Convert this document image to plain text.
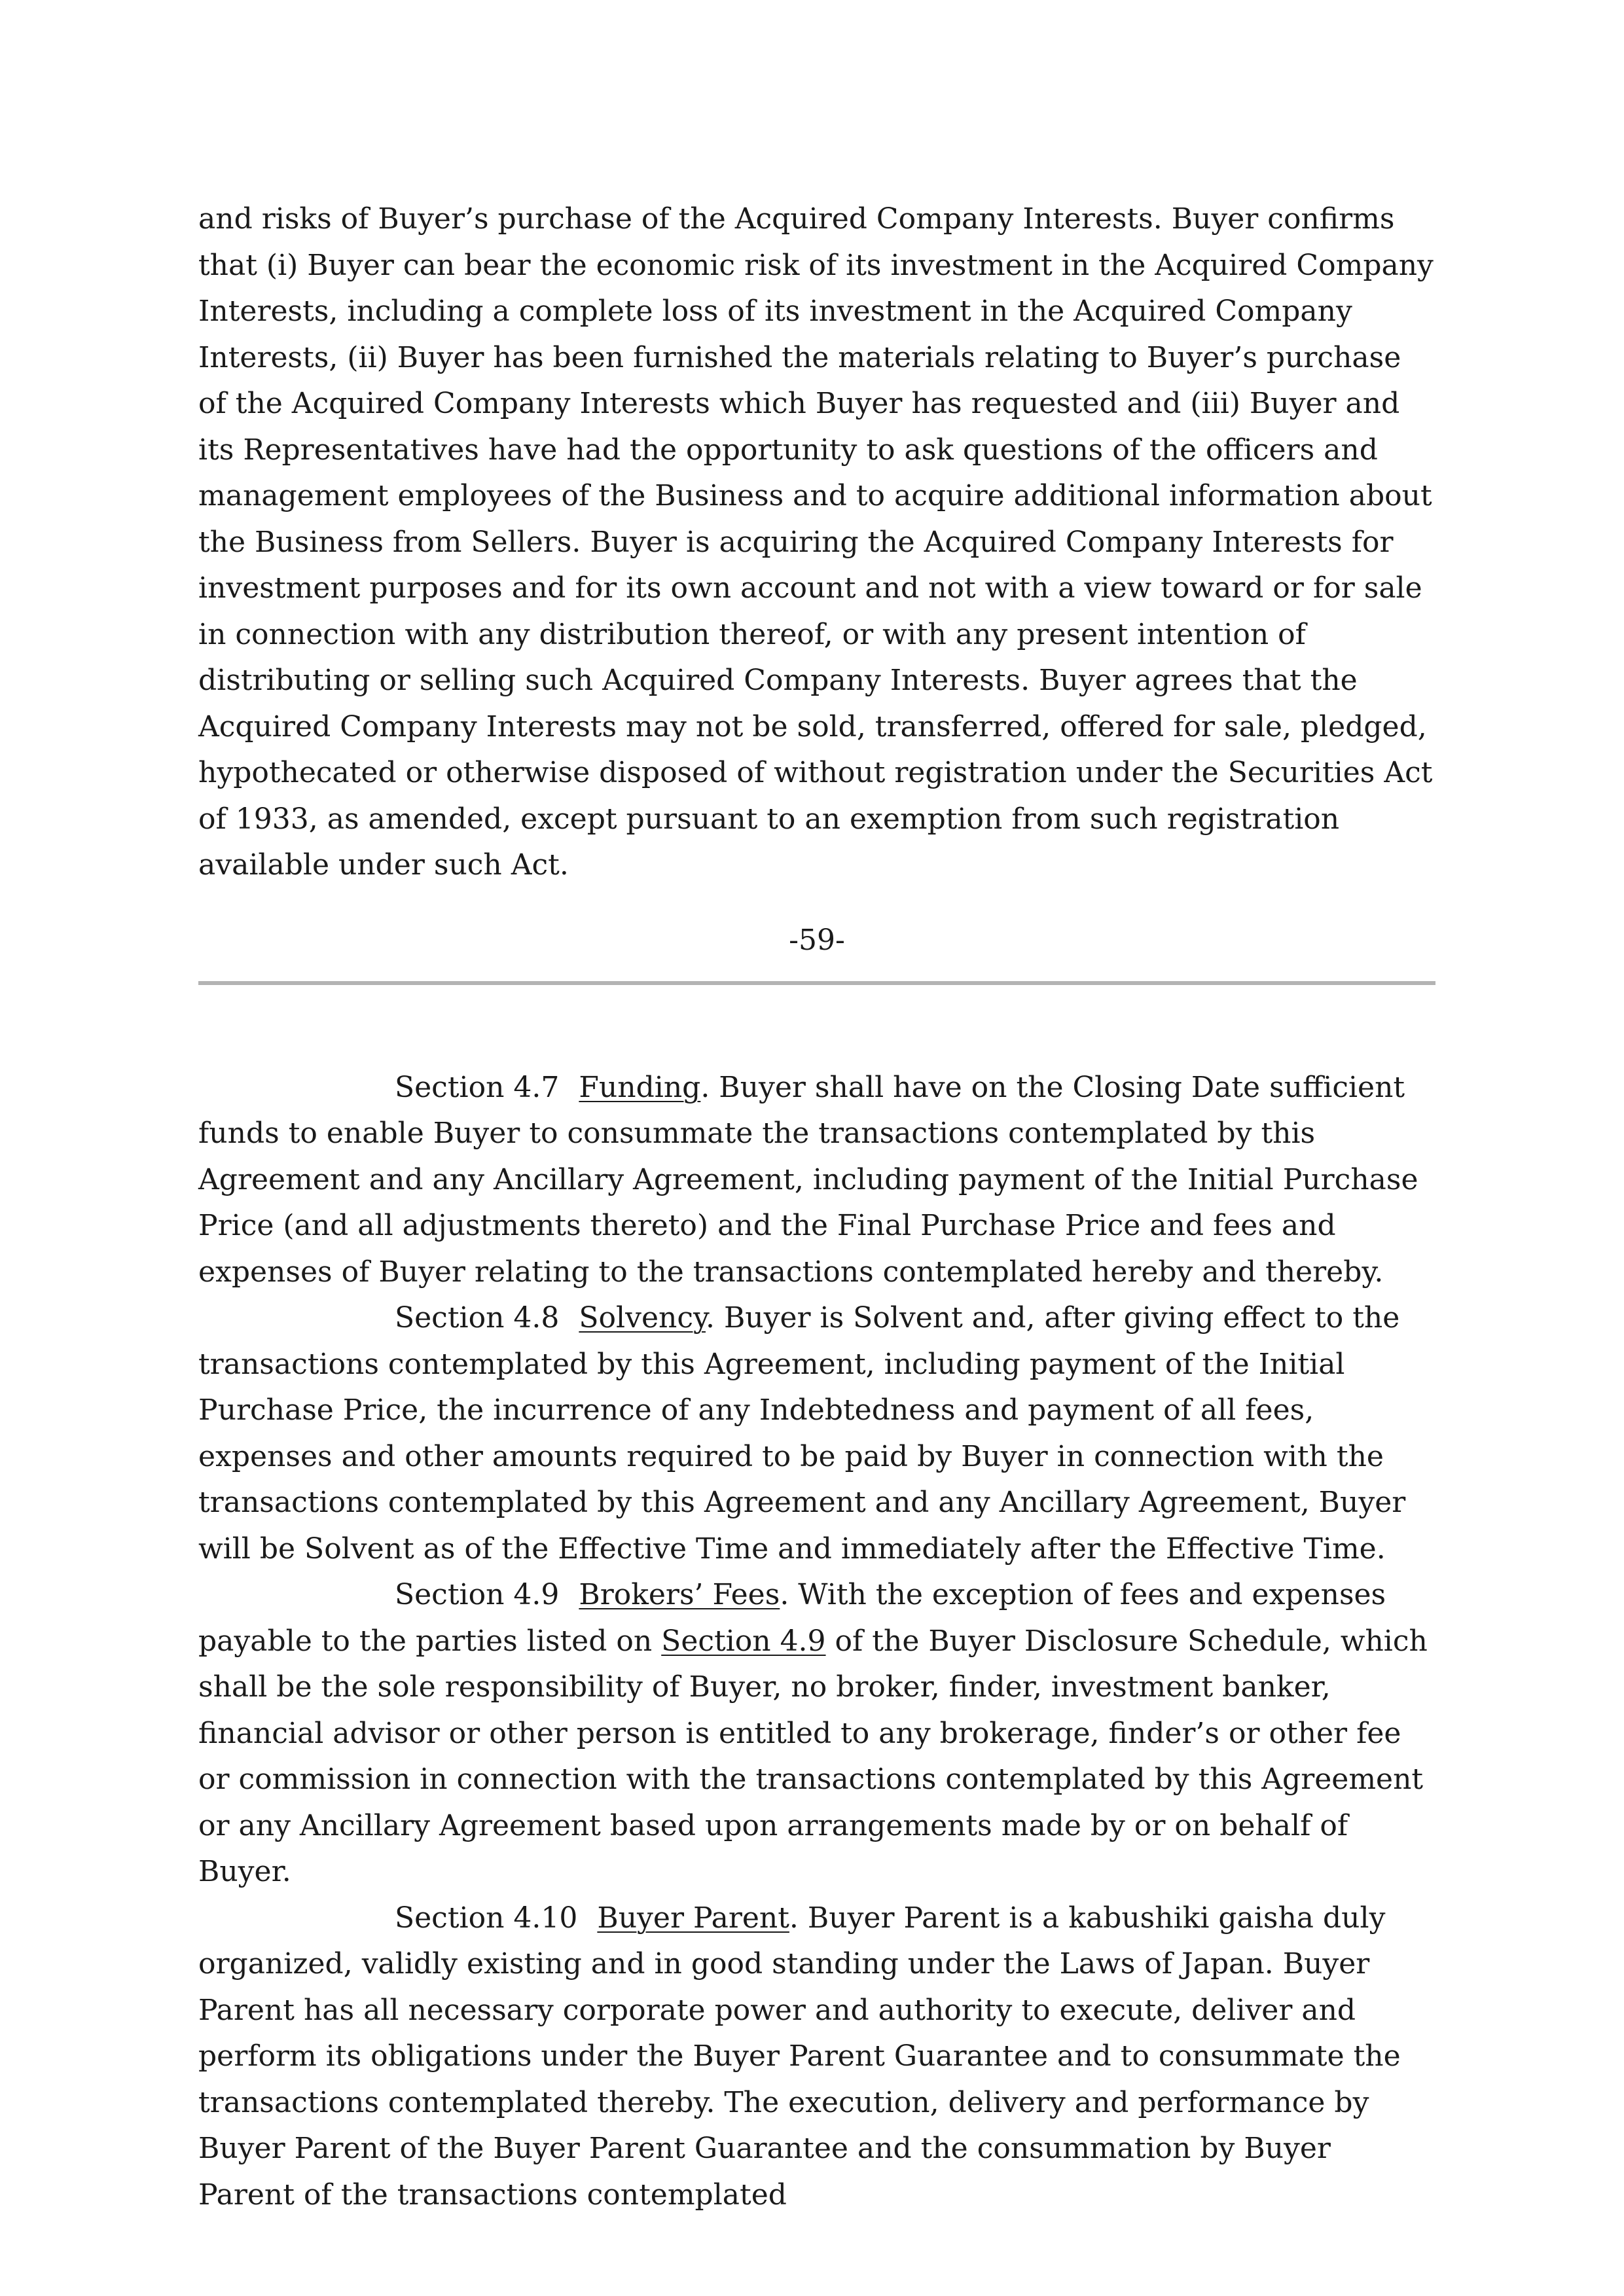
and risks of Buyer’s purchase of the Acquired Company Interests. Buyer confirms that (i) Buyer can bear the economic risk of its investment in the Acquired Company Interests, including a complete loss of its investment in the Acquired Company Interests, (ii) Buyer has been furnished the materials relating to Buyer’s purchase of the Acquired Company Interests which Buyer has requested and (iii) Buyer and its Representatives have had the opportunity to ask questions of the officers and management employees of the Business and to acquire additional information about the Business from Sellers. Buyer is acquiring the Acquired Company Interests for investment purposes and for its own account and not with a view toward or for sale in connection with any distribution thereof, or with any present intention of distributing or selling such Acquired Company Interests. Buyer agrees that the Acquired Company Interests may not be sold, transferred, offered for sale, pledged, hypothecated or otherwise disposed of without registration under the Securities Act of 1933, as amended, except pursuant to an exemption from such registration available under such Act.

-59-

Section 4.7 Funding. Buyer shall have on the Closing Date sufficient funds to enable Buyer to consummate the transactions contemplated by this Agreement and any Ancillary Agreement, including payment of the Initial Purchase Price (and all adjustments thereto) and the Final Purchase Price and fees and expenses of Buyer relating to the transactions contemplated hereby and thereby.

Section 4.8 Solvency. Buyer is Solvent and, after giving effect to the transactions contemplated by this Agreement, including payment of the Initial Purchase Price, the incurrence of any Indebtedness and payment of all fees, expenses and other amounts required to be paid by Buyer in connection with the transactions contemplated by this Agreement and any Ancillary Agreement, Buyer will be Solvent as of the Effective Time and immediately after the Effective Time.

Section 4.9 Brokers’ Fees. With the exception of fees and expenses payable to the parties listed on Section 4.9 of the Buyer Disclosure Schedule, which shall be the sole responsibility of Buyer, no broker, finder, investment banker, financial advisor or other person is entitled to any brokerage, finder’s or other fee or commission in connection with the transactions contemplated by this Agreement or any Ancillary Agreement based upon arrangements made by or on behalf of Buyer.

Section 4.10 Buyer Parent. Buyer Parent is a kabushiki gaisha duly organized, validly existing and in good standing under the Laws of Japan. Buyer Parent has all necessary corporate power and authority to execute, deliver and perform its obligations under the Buyer Parent Guarantee and to consummate the transactions contemplated thereby. The execution, delivery and performance by Buyer Parent of the Buyer Parent Guarantee and the consummation by Buyer Parent of the transactions contemplated
